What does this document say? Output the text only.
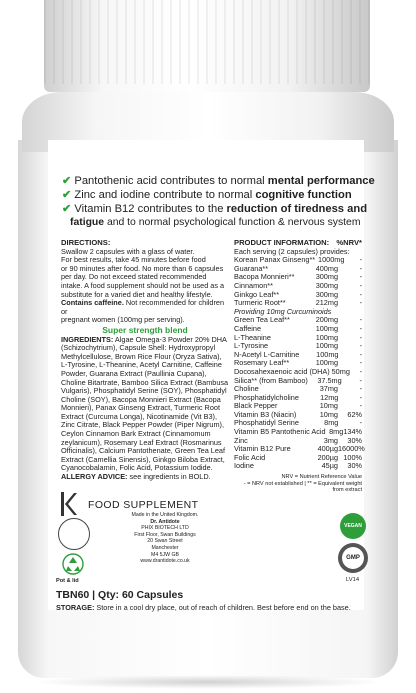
✔ Pantothenic acid contributes to normal mental performance
✔ Zinc and iodine contribute to normal cognitive function
✔ Vitamin B12 contributes to the reduction of tiredness and
fatigue and to normal psychological function & nervous system
DIRECTIONS:
Swallow 2 capsules with a glass of water.
For best results, take 45 minutes before food
or 90 minutes after food. No more than 6 capsules
per day. Do not exceed stated recommended
intake. A food supplement should not be used as a
substitute for a varied diet and healthy lifestyle.
Contains caffeine. Not recommended for children or
pregnant women (100mg per serving).
Super strength blend
INGREDIENTS: Algae Omega-3 Powder 20% DHA (Schizochytrium), Capsule Shell: Hydroxypropyl Methylcellulose, Brown Rice Flour (Oryza Sativa), L-Tyrosine, L-Theanine, Acetyl Carnitine, Caffeine Powder, Guarana Extract (Paullinia Cupana), Choline Bitartrate, Bamboo Silica Extract (Bambusa Vulgaris), Phosphatidyl Serine (SOY), Phosphatidyl Choline (SOY), Bacopa Monnieri Extract (Bacopa Monnieri), Panax Ginseng Extract, Turmeric Root Extract (Curcuma Longa), Nicotinamide (Vit B3), Zinc Citrate, Black Pepper Powder (Piper Nigrum), Ceylon Cinnamon Bark Extract (Cinnamomum zeylanicum), Rosemary Leaf Extract (Rosmarinus Officinalis), Calcium Pantothenate, Green Tea Leaf Extract (Camellia Sinensis), Ginkgo Biloba Extract, Cyanocobalamin, Folic Acid, Potassium Iodide.
ALLERGY ADVICE: see ingredients in BOLD.
PRODUCT INFORMATION: %NRV*
Each serving (2 capsules) provides:
Korean Panax Ginseng** 1000mg	-
Guarana**	400mg	-
Bacopa Monnieri**	300mg	-
Cinnamon**	300mg	-
Ginkgo Leaf**	300mg	-
Turmeric Root**	212mg	-
Providing 10mg Curcuminoids
Green Tea Leaf**	200mg	-
Caffeine	100mg	-
L-Theanine	100mg	-
L-Tyrosine	100mg	-
N-Acetyl L-Carnitine	100mg	-
Rosemary Leaf**	100mg	-
Docosahexaenoic acid (DHA) 50mg	-
Silica** (from Bamboo)	37.5mg	-
Choline	37mg	-
Phosphatidylcholine	12mg	-
Black Pepper	10mg	-
Vitamin B3 (Niacin)	10mg	62%
Phosphatidyl Serine	8mg	-
Vitamin B5 Pantothenic Acid 8mg 134%
Zinc	3mg	30%
Vitamin B12 Pure	400µg 16000%
Folic Acid	200µg 100%
Iodine	45µg	30%
NRV = Nutrient Reference Value
- = NRV not established | ** = Equivalent weight
from extract
FOOD SUPPLEMENT
Pot & lid
Made in the United Kingdom.
Dr. Antidote
PHIX BIOTECH LTD
First Floor, Swan Buildings
20 Swan Street
Manchester
M4 5JW GB
www.drantidote.co.uk
VEGAN
GMP
LV14
TBN60 | Qty: 60 Capsules
STORAGE: Store in a cool dry place, out of reach of children. Best before end on the base.
